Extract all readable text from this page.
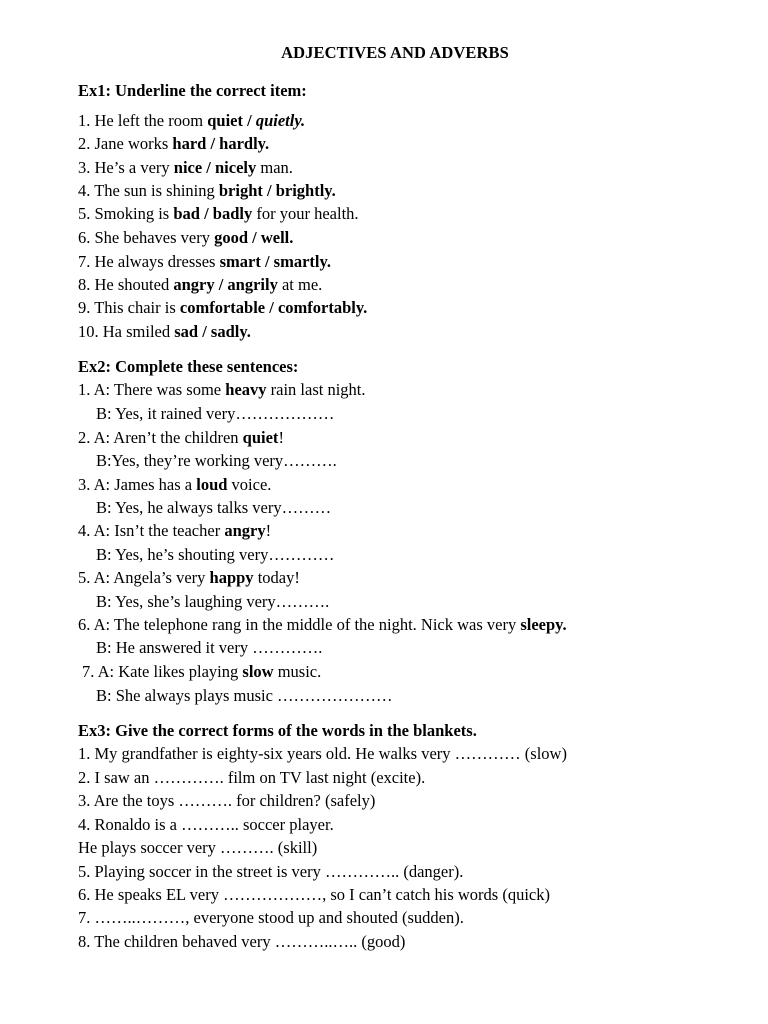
ADJECTIVES AND ADVERBS
Ex1: Underline the correct item:
1. He left the room quiet / quietly.
2. Jane works hard / hardly.
3. He’s a very nice / nicely man.
4. The sun is shining bright / brightly.
5. Smoking is bad / badly for your health.
6. She behaves very good / well.
7. He always dresses smart / smartly.
8. He shouted angry / angrily at me.
9. This chair is comfortable / comfortably.
10. Ha smiled sad / sadly.
Ex2: Complete these sentences:
1. A: There was some heavy rain last night.
B: Yes, it rained very………………
2. A: Aren’t the children quiet!
B:Yes, they’re working very……….
3. A: James has a loud voice.
B: Yes, he always talks very………
4. A: Isn’t the teacher angry!
B: Yes, he’s shouting very…………
5. A: Angela’s very happy today!
B: Yes, she’s laughing very……….
6. A: The telephone rang in the middle of the night. Nick was very sleepy.
B: He answered it very ………….
7. A: Kate likes playing slow music.
B: She always plays music …………………
Ex3: Give the correct forms of the words in the blankets.
1. My grandfather is eighty-six years old. He walks very ………… (slow)
2. I saw an …………. film on TV last night (excite).
3. Are the toys ………. for children? (safely)
4. Ronaldo is a ……….. soccer player.
He plays soccer very ………. (skill)
5. Playing soccer in the street is very ………….. (danger).
6. He speaks EL very ………………, so I can’t catch his words (quick)
7. ……..………, everyone stood up and shouted (sudden).
8. The children behaved very ………..….. (good)
